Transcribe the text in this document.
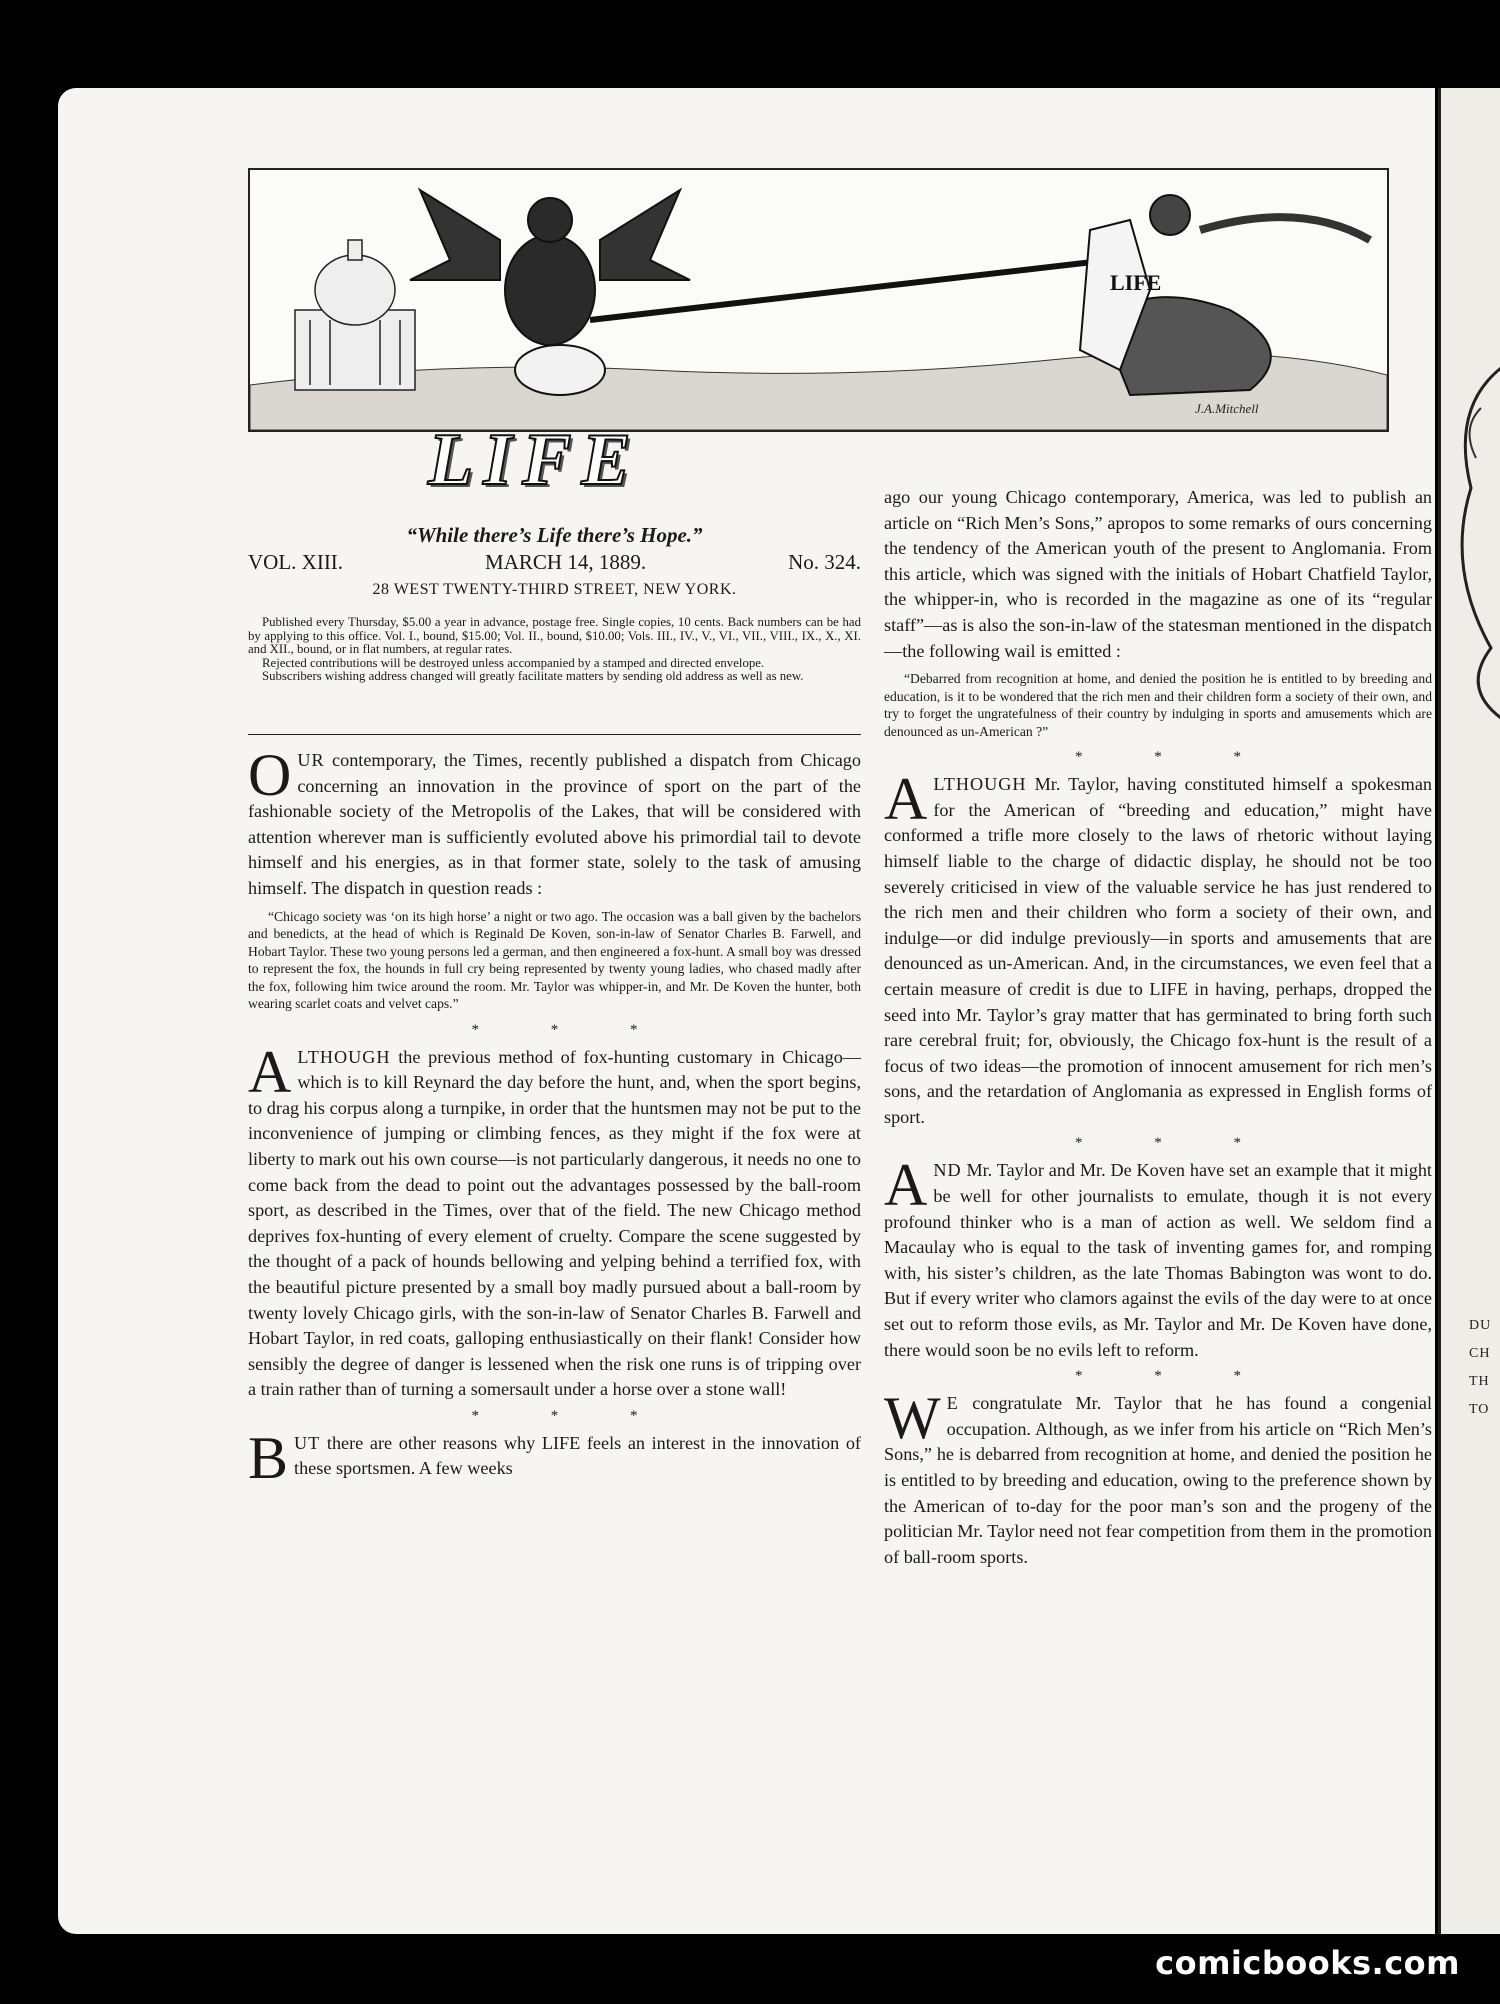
LIFE
J.A.Mitchell
LIFE
“While there’s Life there’s Hope.”
VOL. XIII.	MARCH 14, 1889.	No. 324.
28 WEST TWENTY-THIRD STREET, NEW YORK.

Published every Thursday, $5.00 a year in advance, postage free. Single copies, 10 cents. Back numbers can be had by applying to this office. Vol. I., bound, $15.00; Vol. II., bound, $10.00; Vols. III., IV., V., VI., VII., VIII., IX., X., XI. and XII., bound, or in flat numbers, at regular rates.

Rejected contributions will be destroyed unless accompanied by a stamped and directed envelope.

Subscribers wishing address changed will greatly facilitate matters by sending old address as well as new.

OUR contemporary, the Times, recently published a dispatch from Chicago concerning an innovation in the province of sport on the part of the fashionable society of the Metropolis of the Lakes, that will be considered with attention wherever man is sufficiently evoluted above his primordial tail to devote himself and his energies, as in that former state, solely to the task of amusing himself. The dispatch in question reads :

“Chicago society was ‘on its high horse’ a night or two ago. The occasion was a ball given by the bachelors and benedicts, at the head of which is Reginald De Koven, son-in-law of Senator Charles B. Farwell, and Hobart Taylor. These two young persons led a german, and then engineered a fox-hunt. A small boy was dressed to represent the fox, the hounds in full cry being represented by twenty young ladies, who chased madly after the fox, following him twice around the room. Mr. Taylor was whipper-in, and Mr. De Koven the hunter, both wearing scarlet coats and velvet caps.”

* * *

ALTHOUGH the previous method of fox-hunting customary in Chicago—which is to kill Reynard the day before the hunt, and, when the sport begins, to drag his corpus along a turnpike, in order that the huntsmen may not be put to the inconvenience of jumping or climbing fences, as they might if the fox were at liberty to mark out his own course—is not particularly dangerous, it needs no one to come back from the dead to point out the advantages possessed by the ball-room sport, as described in the Times, over that of the field. The new Chicago method deprives fox-hunting of every element of cruelty. Compare the scene suggested by the thought of a pack of hounds bellowing and yelping behind a terrified fox, with the beautiful picture presented by a small boy madly pursued about a ball-room by twenty lovely Chicago girls, with the son-in-law of Senator Charles B. Farwell and Hobart Taylor, in red coats, galloping enthusiastically on their flank! Consider how sensibly the degree of danger is lessened when the risk one runs is of tripping over a train rather than of turning a somersault under a horse over a stone wall!

* * *

BUT there are other reasons why LIFE feels an interest in the innovation of these sportsmen. A few weeks

ago our young Chicago contemporary, America, was led to publish an article on “Rich Men’s Sons,” apropos to some remarks of ours concerning the tendency of the American youth of the present to Anglomania. From this article, which was signed with the initials of Hobart Chatfield Taylor, the whipper-in, who is recorded in the magazine as one of its “regular staff”—as is also the son-in-law of the statesman mentioned in the dispatch—the following wail is emitted :

“Debarred from recognition at home, and denied the position he is entitled to by breeding and education, is it to be wondered that the rich men and their children form a society of their own, and try to forget the ungratefulness of their country by indulging in sports and amusements which are denounced as un-American ?”

* * *

ALTHOUGH Mr. Taylor, having constituted himself a spokesman for the American of “breeding and education,” might have conformed a trifle more closely to the laws of rhetoric without laying himself liable to the charge of didactic display, he should not be too severely criticised in view of the valuable service he has just rendered to the rich men and their children who form a society of their own, and indulge—or did indulge previously—in sports and amusements that are denounced as un-American. And, in the circumstances, we even feel that a certain measure of credit is due to LIFE in having, perhaps, dropped the seed into Mr. Taylor’s gray matter that has germinated to bring forth such rare cerebral fruit; for, obviously, the Chicago fox-hunt is the result of a focus of two ideas—the promotion of innocent amusement for rich men’s sons, and the retardation of Anglomania as expressed in English forms of sport.

* * *

AND Mr. Taylor and Mr. De Koven have set an example that it might be well for other journalists to emulate, though it is not every profound thinker who is a man of action as well. We seldom find a Macaulay who is equal to the task of inventing games for, and romping with, his sister’s children, as the late Thomas Babington was wont to do. But if every writer who clamors against the evils of the day were to at once set out to reform those evils, as Mr. Taylor and Mr. De Koven have done, there would soon be no evils left to reform.

* * *

W E congratulate Mr. Taylor that he has found a congenial occupation. Although, as we infer from his article on “Rich Men’s Sons,” he is debarred from recognition at home, and denied the position he is entitled to by breeding and education, owing to the preference shown by the American of to-day for the poor man’s son and the progeny of the politician Mr. Taylor need not fear competition from them in the promotion of ball-room sports.

DU
CH
TH
TO
comicbooks.com
